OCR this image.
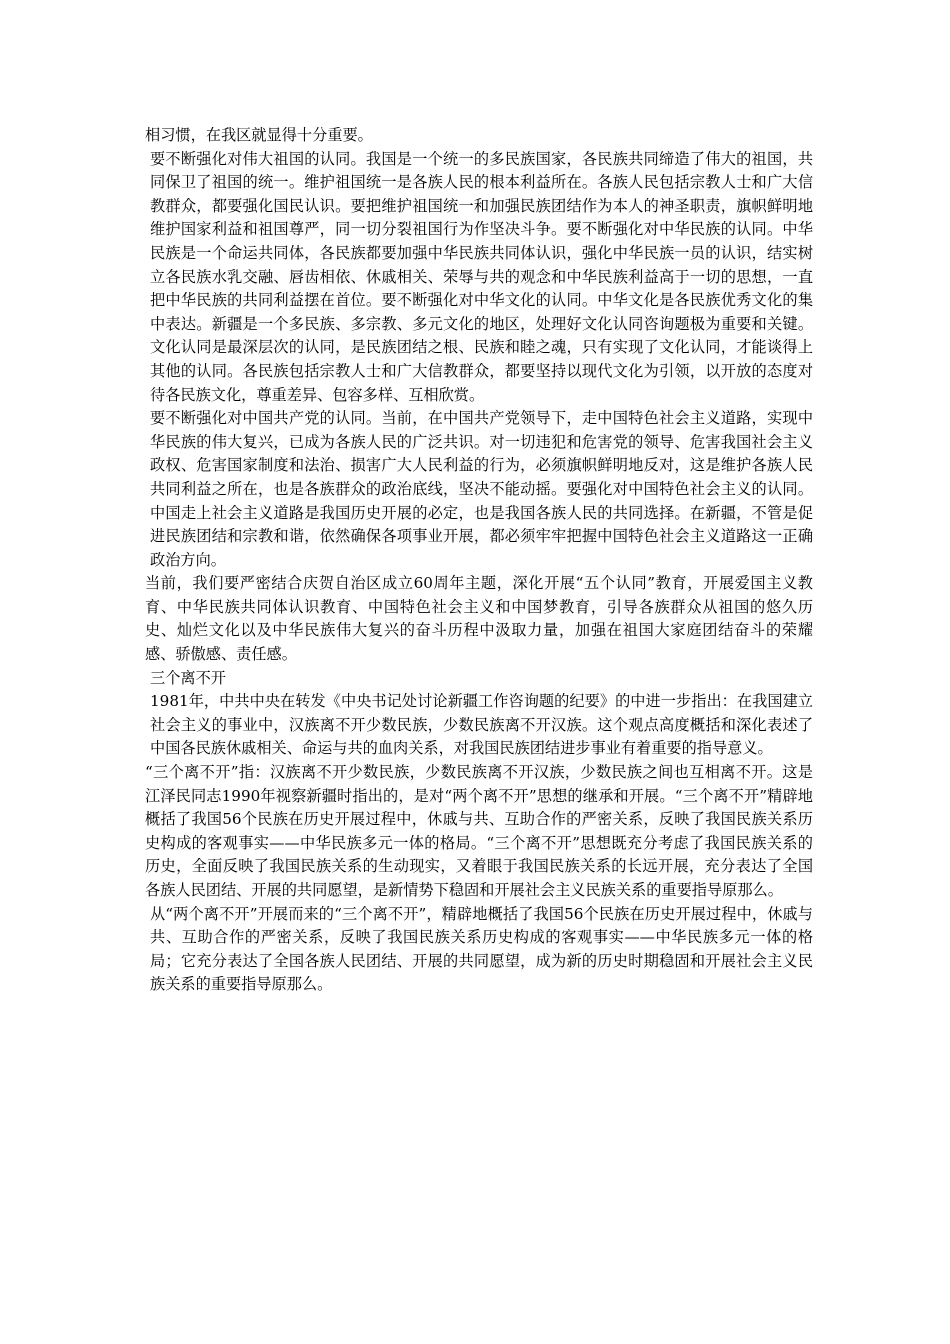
相习惯，在我区就显得十分重要。

要不断强化对伟大祖国的认同。我国是一个统一的多民族国家，各民族共同缔造了伟大的祖国，共同保卫了祖国的统一。维护祖国统一是各族人民的根本利益所在。各族人民包括宗教人士和广大信教群众，都要强化国民认识。要把维护祖国统一和加强民族团结作为本人的神圣职责，旗帜鲜明地维护国家利益和祖国尊严，同一切分裂祖国行为作坚决斗争。要不断强化对中华民族的认同。中华民族是一个命运共同体，各民族都要加强中华民族共同体认识，强化中华民族一员的认识，结实树立各民族水乳交融、唇齿相依、休戚相关、荣辱与共的观念和中华民族利益高于一切的思想，一直把中华民族的共同利益摆在首位。要不断强化对中华文化的认同。中华文化是各民族优秀文化的集中表达。新疆是一个多民族、多宗教、多元文化的地区，处理好文化认同咨询题极为重要和关键。文化认同是最深层次的认同，是民族团结之根、民族和睦之魂，只有实现了文化认同，才能谈得上其他的认同。各民族包括宗教人士和广大信教群众，都要坚持以现代文化为引领，以开放的态度对待各民族文化，尊重差异、包容多样、互相欣赏。

要不断强化对中国共产党的认同。当前，在中国共产党领导下，走中国特色社会主义道路，实现中华民族的伟大复兴，已成为各族人民的广泛共识。对一切违犯和危害党的领导、危害我国社会主义政权、危害国家制度和法治、损害广大人民利益的行为，必须旗帜鲜明地反对，这是维护各族人民共同利益之所在，也是各族群众的政治底线，坚决不能动摇。要强化对中国特色社会主义的认同。中国走上社会主义道路是我国历史开展的必定，也是我国各族人民的共同选择。在新疆，不管是促进民族团结和宗教和谐，依然确保各项事业开展，都必须牢牢把握中国特色社会主义道路这一正确政治方向。

当前，我们要严密结合庆贺自治区成立60周年主题，深化开展“五个认同”教育，开展爱国主义教育、中华民族共同体认识教育、中国特色社会主义和中国梦教育，引导各族群众从祖国的悠久历史、灿烂文化以及中华民族伟大复兴的奋斗历程中汲取力量，加强在祖国大家庭团结奋斗的荣耀感、骄傲感、责任感。

三个离不开

1981年，中共中央在转发《中央书记处讨论新疆工作咨询题的纪要》的中进一步指出：在我国建立社会主义的事业中，汉族离不开少数民族，少数民族离不开汉族。这个观点高度概括和深化表述了中国各民族休戚相关、命运与共的血肉关系，对我国民族团结进步事业有着重要的指导意义。

“三个离不开”指：汉族离不开少数民族，少数民族离不开汉族，少数民族之间也互相离不开。这是江泽民同志1990年视察新疆时指出的，是对“两个离不开”思想的继承和开展。“三个离不开”精辟地概括了我国56个民族在历史开展过程中，休戚与共、互助合作的严密关系，反映了我国民族关系历史构成的客观事实——中华民族多元一体的格局。“三个离不开”思想既充分考虑了我国民族关系的历史，全面反映了我国民族关系的生动现实，又着眼于我国民族关系的长远开展，充分表达了全国各族人民团结、开展的共同愿望，是新情势下稳固和开展社会主义民族关系的重要指导原那么。

从“两个离不开”开展而来的“三个离不开”，精辟地概括了我国56个民族在历史开展过程中，休戚与共、互助合作的严密关系，反映了我国民族关系历史构成的客观事实——中华民族多元一体的格局；它充分表达了全国各族人民团结、开展的共同愿望，成为新的历史时期稳固和开展社会主义民族关系的重要指导原那么。
